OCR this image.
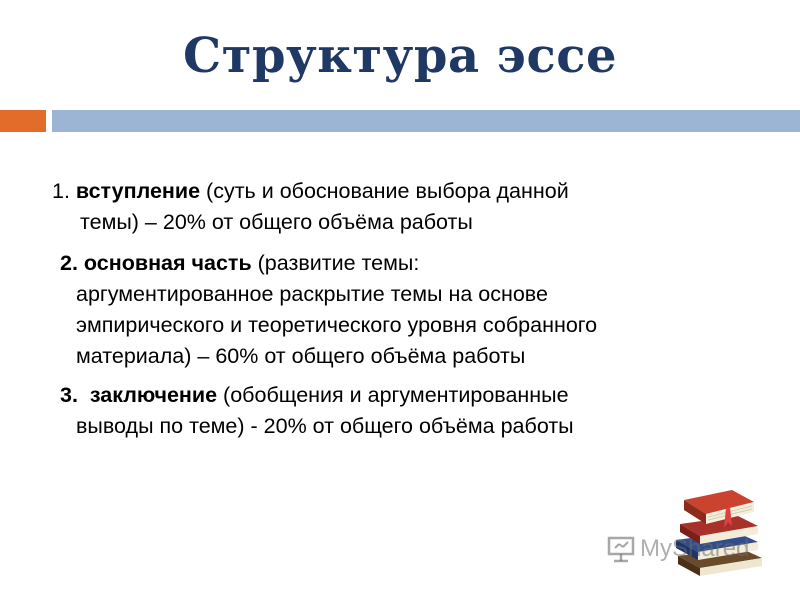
Структура эссе
1. вступление (суть и обоснование выбора данной
темы) – 20% от общего объёма работы
2. основная часть (развитие темы:
аргументированное раскрытие темы на основе
эмпирического и теоретического уровня собранного
материала) – 60% от общего объёма работы
3. заключение (обобщения и аргументированные
выводы по теме) - 20% от общего объёма работы
MyShared
